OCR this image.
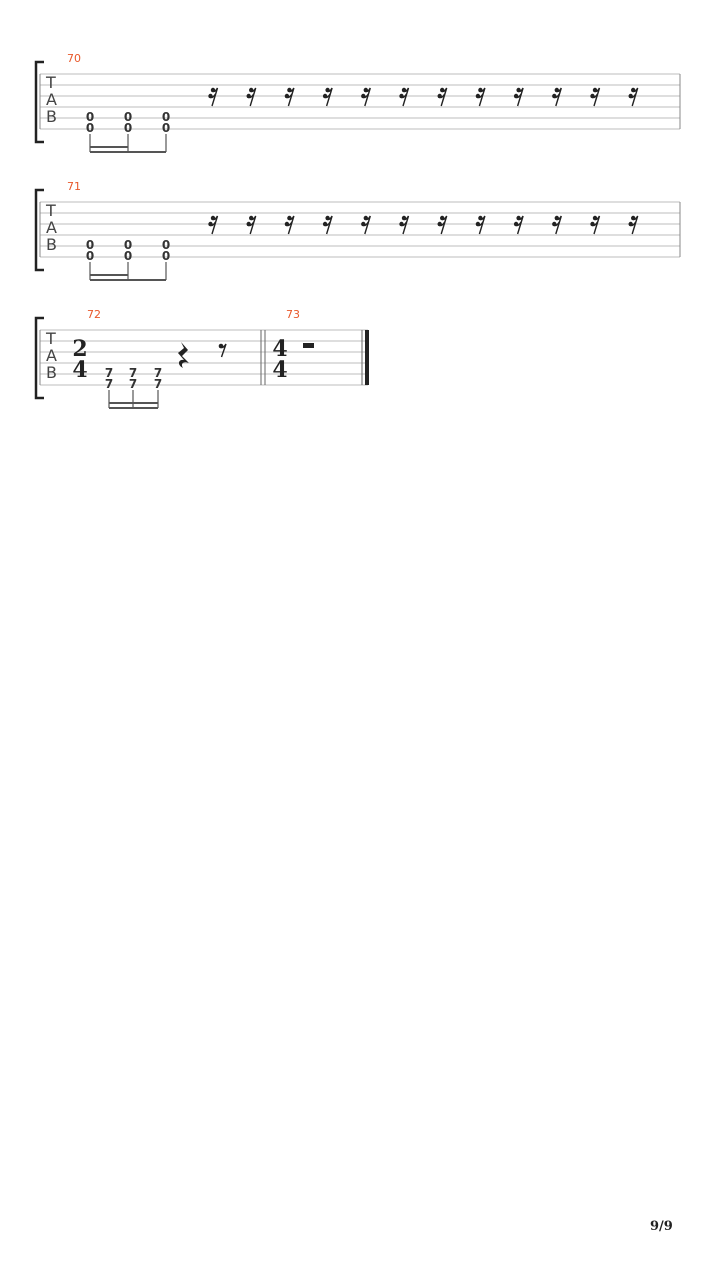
T
A
B
70
0
0
0
0
0
0
T
A
B
71
0
0
0
0
0
0
T
A
B
72
2
4 7
7
7
7
7
7
73
4
4
9/9
